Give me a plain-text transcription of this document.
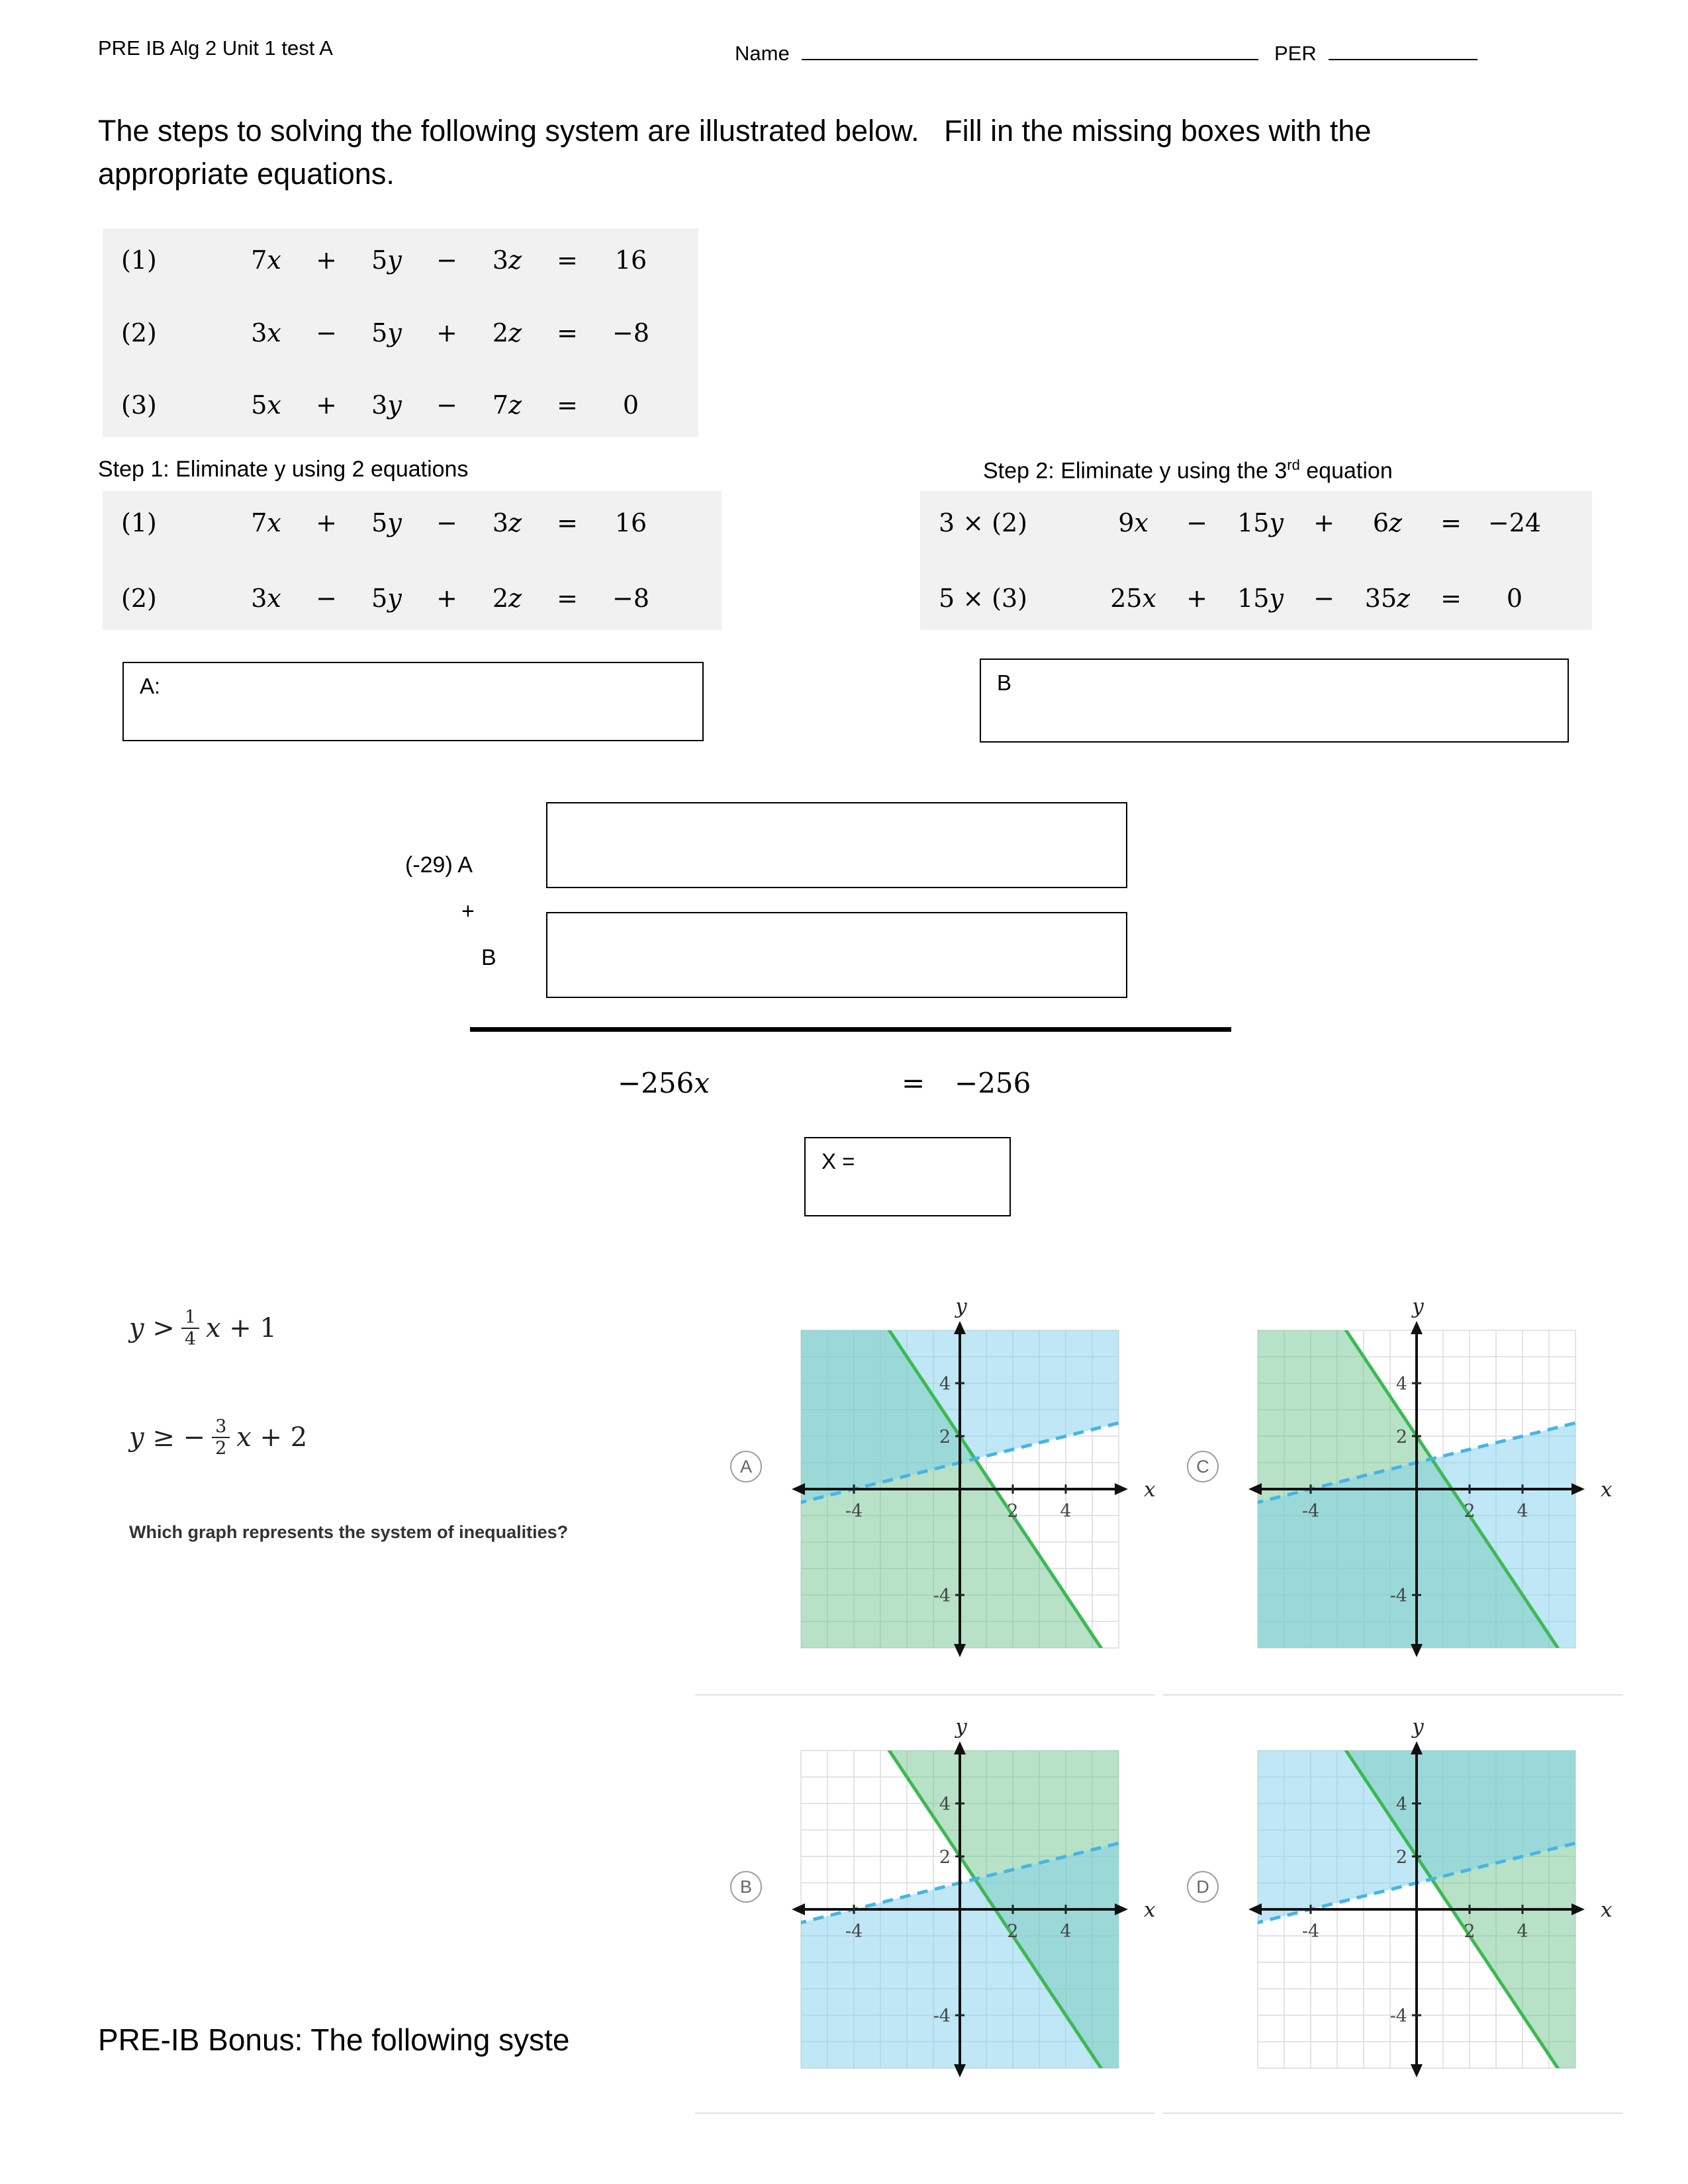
PRE IB Alg 2 Unit 1 test A	Name	PER
The steps to solving the following system are illustrated below.   Fill in the missing boxes with the appropriate equations.
(1)	7x	+	5y	−	3z	=	16
(2)	3x	−	5y	+	2z	=	−8
(3)	5x	+	3y	−	7z	=	0
Step 1: Eliminate y using 2 equations	Step 2: Eliminate y using the 3rd equation
(1)	7x	+	5y	−	3z	=	16
(2)	3x	−	5y	+	2z	=	−8
3 × (2)	9x	−	15y	+	6z	=	−24
5 × (3)	25x	+	15y	−	35z	=	0
A:	B
(-29) A
+
B
−256x	= −256
X =
$y > \frac{1}{4}$ x + 1
y ≥ − $\frac{3}{2}$ x + 2
Which graph represents the system of inequalities?
A	C
B	D
-4	2 4
4
2
-4
y
x
-4	2 4
4
2
-4
y
x
-4	2 4
4
2
-4
y
x
-4	2 4
4
2
-4
y
x
PRE-IB Bonus: The following syste
